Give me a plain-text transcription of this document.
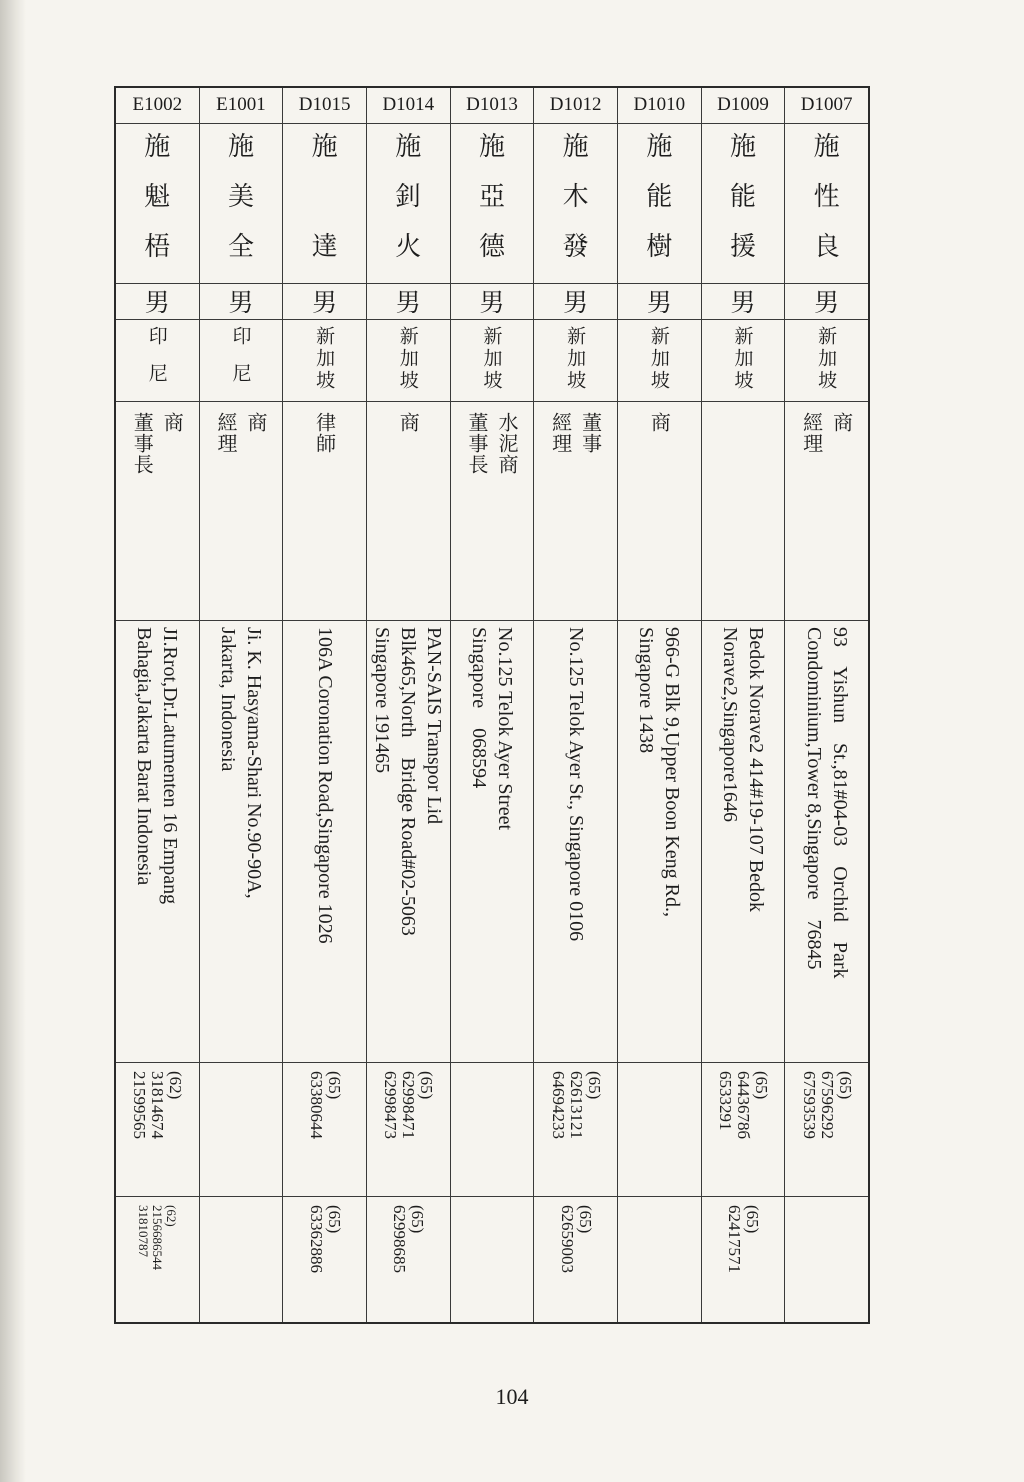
D1007
施
性
良
男
新加坡
商
經理
93    Yishun    St.,81#04-03    Orchid    Park
Condominium,Tower 8,Singapore    76845
(65)
67596292
67593539
D1009
施
能
援
男
新加坡
Bedok Norave2 414#19-107 Bedok
Norave2,Singapore1646
(65)
6443678б
6533291
(65)
62417571
D1010
施
能
樹
男
新加坡
商
966-G Blk 9,Upper Boon Keng Rd.,
Singapore 1438
D1012
施
木
發
男
新加坡
董事
經理
No.125 Telok Ayer St., Singapore 0106
(65)
62613121
64694233
(65)
62659003
D1013
施
亞
德
男
新加坡
水泥商
董事長
No.125 Telok Ayer Street
Singapore    068594
D1014
施
釗
火
男
新加坡
商
PAN-SAIS Transpor Lid
Blk465,North    Bridge Road#02-5063
Singapore 191465
(65)
62998471
62998473
(65)
62998685
D1015
施
達
男
新加坡
律師
106A Coronation Road,Singapore 1026
(65)
63380644
(65)
63362886
E1001
施
美
全
男
印尼
商
經理
Ji. K. Hasyama-Shari No.90-90A,
Jakarta, Indonesia
E1002
施
魁
梧
男
印尼
商
董事長
JI.Rrot,Dr.Latumenten 16 Empang
Bahagia,Jakarta Barat Indonesia
(62)
31814674
21599565
(62)
2156686544
31810787
104
